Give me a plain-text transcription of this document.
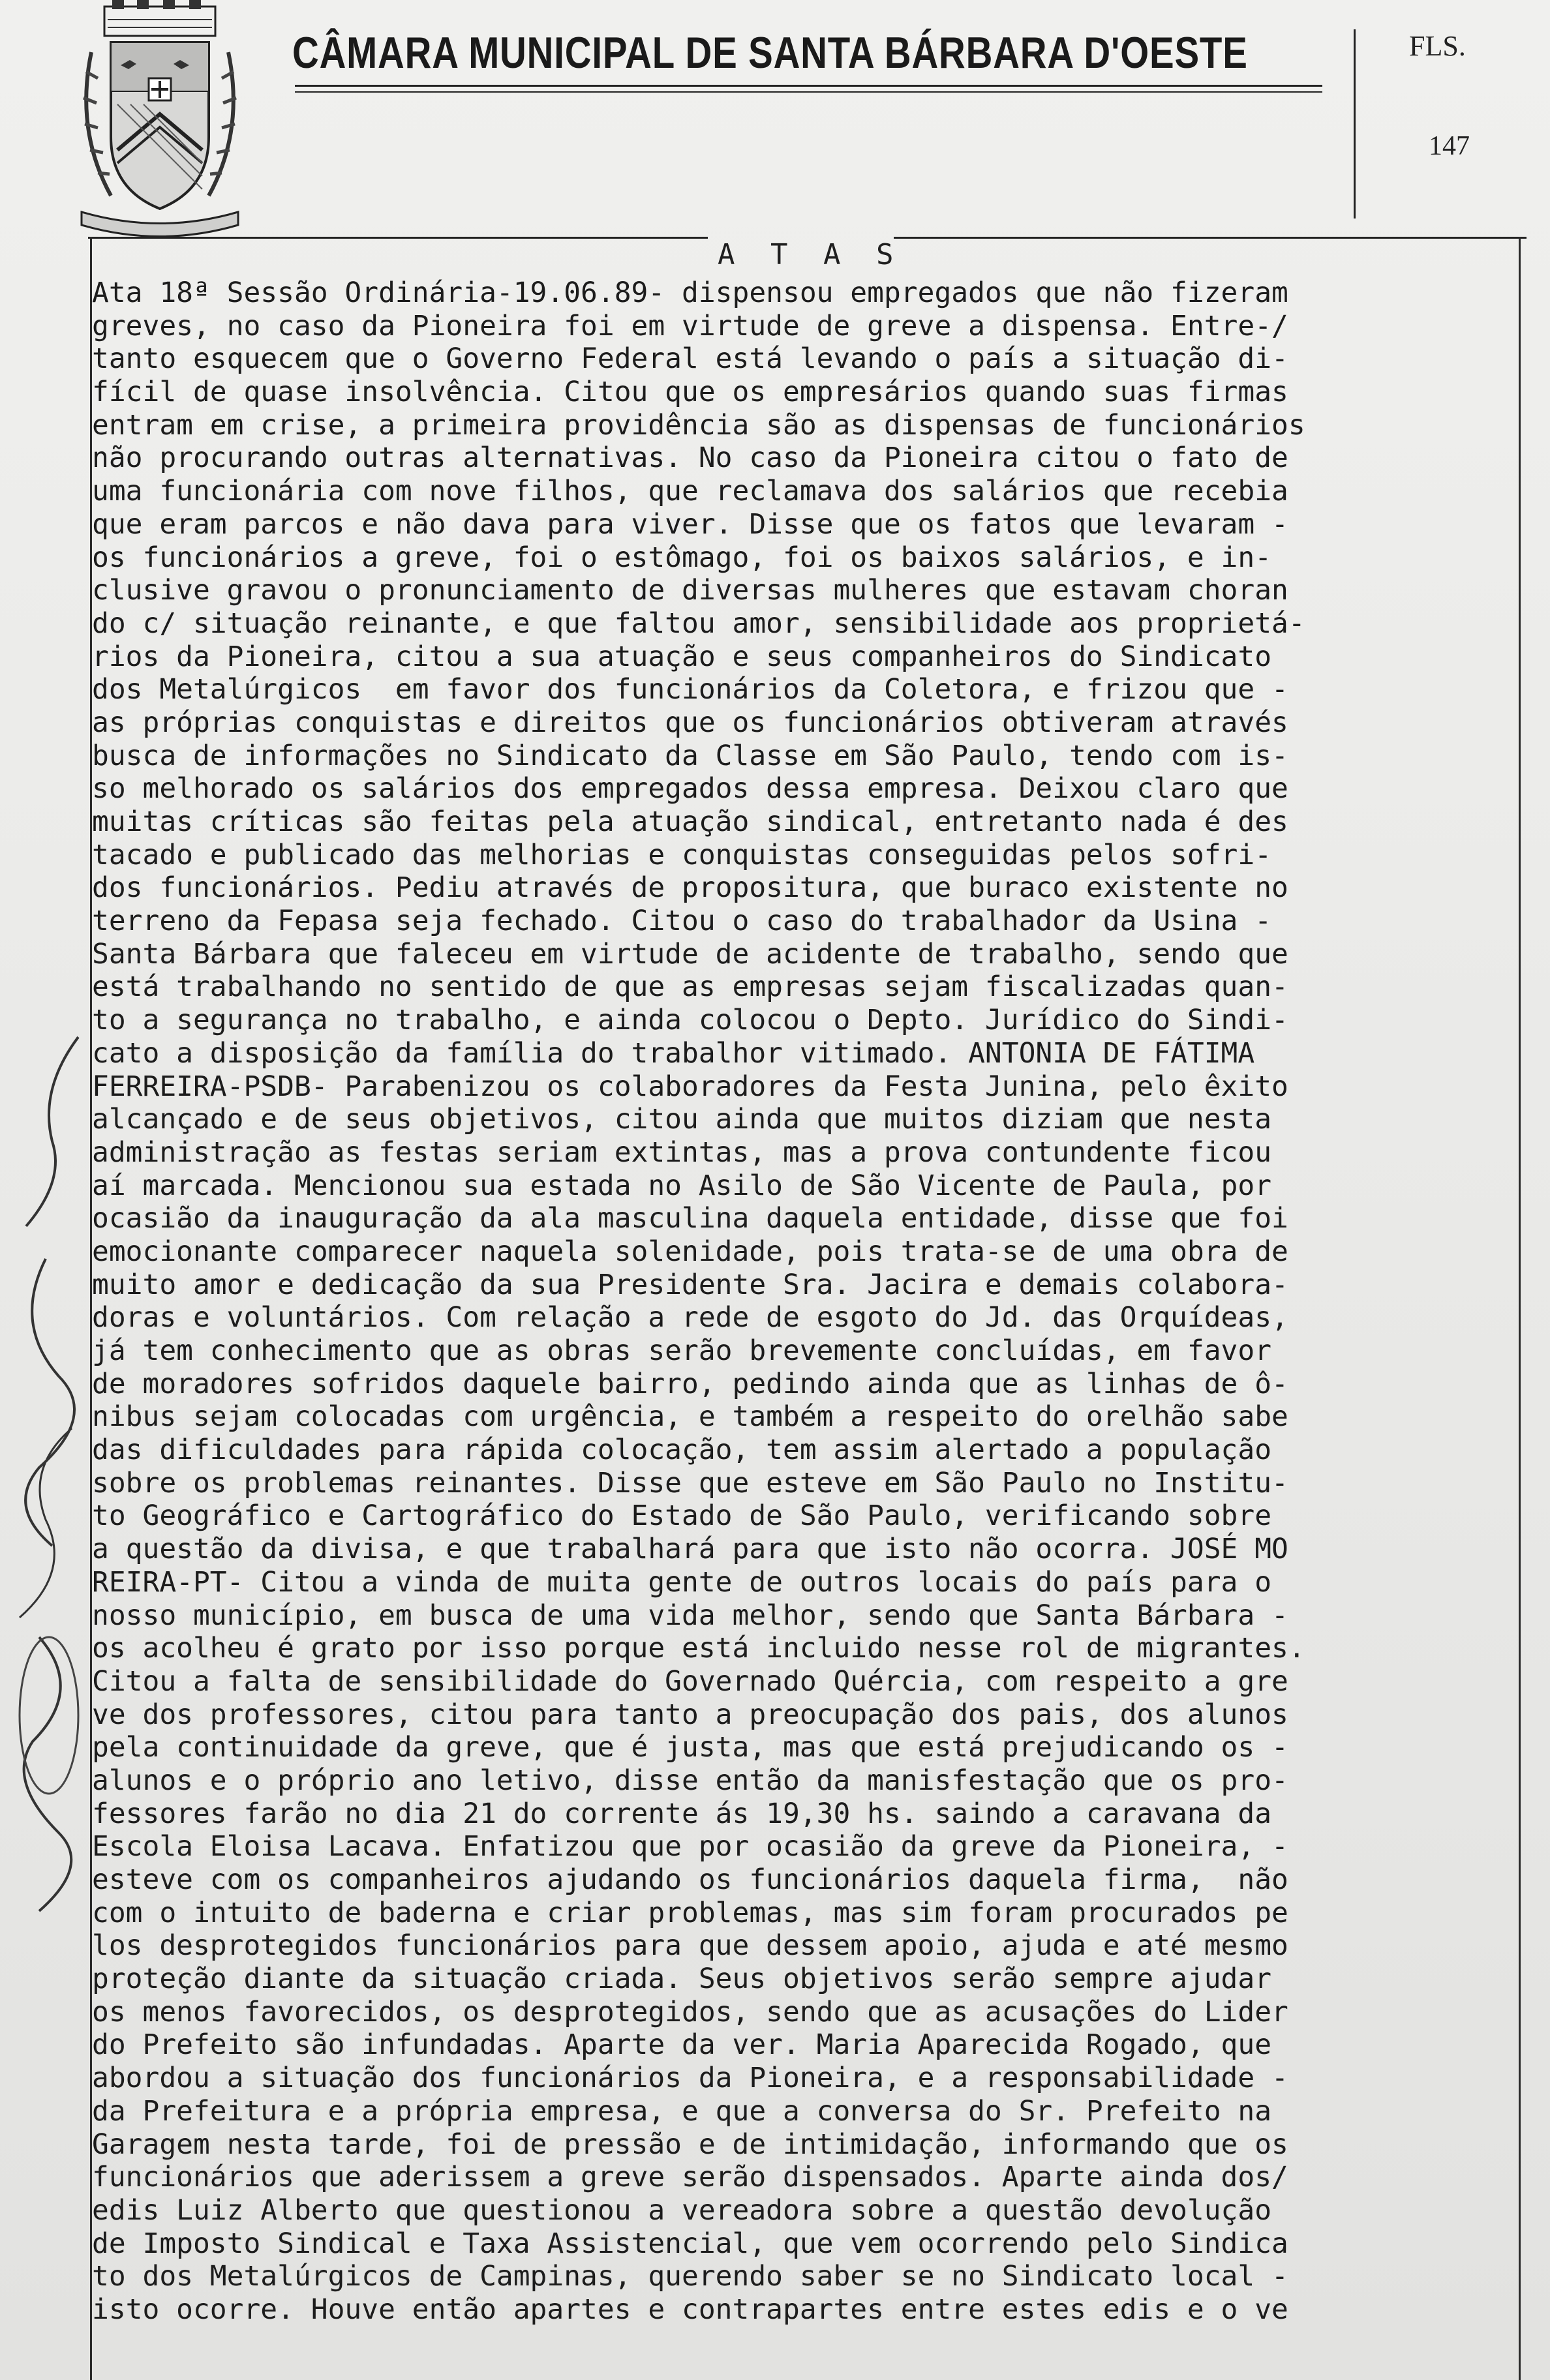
CÂMARA MUNICIPAL DE SANTA BÁRBARA D'OESTE	FLS.
147
A T A S
Ata 18ª Sessão Ordinária-19.06.89- dispensou empregados que não fizeram
greves, no caso da Pioneira foi em virtude de greve a dispensa. Entre-/
tanto esquecem que o Governo Federal está levando o país a situação di-
fícil de quase insolvência. Citou que os empresários quando suas firmas
entram em crise, a primeira providência são as dispensas de funcionários
não procurando outras alternativas. No caso da Pioneira citou o fato de
uma funcionária com nove filhos, que reclamava dos salários que recebia
que eram parcos e não dava para viver. Disse que os fatos que levaram -
os funcionários a greve, foi o estômago, foi os baixos salários, e in-
clusive gravou o pronunciamento de diversas mulheres que estavam choran
do c/ situação reinante, e que faltou amor, sensibilidade aos proprietá-
rios da Pioneira, citou a sua atuação e seus companheiros do Sindicato
dos Metalúrgicos  em favor dos funcionários da Coletora, e frizou que -
as próprias conquistas e direitos que os funcionários obtiveram através
busca de informações no Sindicato da Classe em São Paulo, tendo com is-
so melhorado os salários dos empregados dessa empresa. Deixou claro que
muitas críticas são feitas pela atuação sindical, entretanto nada é des
tacado e publicado das melhorias e conquistas conseguidas pelos sofri-
dos funcionários. Pediu através de propositura, que buraco existente no
terreno da Fepasa seja fechado. Citou o caso do trabalhador da Usina -
Santa Bárbara que faleceu em virtude de acidente de trabalho, sendo que
está trabalhando no sentido de que as empresas sejam fiscalizadas quan-
to a segurança no trabalho, e ainda colocou o Depto. Jurídico do Sindi-
cato a disposição da família do trabalhor vitimado. ANTONIA DE FÁTIMA
FERREIRA-PSDB- Parabenizou os colaboradores da Festa Junina, pelo êxito
alcançado e de seus objetivos, citou ainda que muitos diziam que nesta
administração as festas seriam extintas, mas a prova contundente ficou
aí marcada. Mencionou sua estada no Asilo de São Vicente de Paula, por
ocasião da inauguração da ala masculina daquela entidade, disse que foi
emocionante comparecer naquela solenidade, pois trata-se de uma obra de
muito amor e dedicação da sua Presidente Sra. Jacira e demais colabora-
doras e voluntários. Com relação a rede de esgoto do Jd. das Orquídeas,
já tem conhecimento que as obras serão brevemente concluídas, em favor
de moradores sofridos daquele bairro, pedindo ainda que as linhas de ô-
nibus sejam colocadas com urgência, e também a respeito do orelhão sabe
das dificuldades para rápida colocação, tem assim alertado a população
sobre os problemas reinantes. Disse que esteve em São Paulo no Institu-
to Geográfico e Cartográfico do Estado de São Paulo, verificando sobre
a questão da divisa, e que trabalhará para que isto não ocorra. JOSÉ MO
REIRA-PT- Citou a vinda de muita gente de outros locais do país para o
nosso município, em busca de uma vida melhor, sendo que Santa Bárbara -
os acolheu é grato por isso porque está incluido nesse rol de migrantes.
Citou a falta de sensibilidade do Governado Quércia, com respeito a gre
ve dos professores, citou para tanto a preocupação dos pais, dos alunos
pela continuidade da greve, que é justa, mas que está prejudicando os -
alunos e o próprio ano letivo, disse então da manisfestação que os pro-
fessores farão no dia 21 do corrente ás 19,30 hs. saindo a caravana da
Escola Eloisa Lacava. Enfatizou que por ocasião da greve da Pioneira, -
esteve com os companheiros ajudando os funcionários daquela firma,  não
com o intuito de baderna e criar problemas, mas sim foram procurados pe
los desprotegidos funcionários para que dessem apoio, ajuda e até mesmo
proteção diante da situação criada. Seus objetivos serão sempre ajudar
os menos favorecidos, os desprotegidos, sendo que as acusações do Lider
do Prefeito são infundadas. Aparte da ver. Maria Aparecida Rogado, que
abordou a situação dos funcionários da Pioneira, e a responsabilidade -
da Prefeitura e a própria empresa, e que a conversa do Sr. Prefeito na
Garagem nesta tarde, foi de pressão e de intimidação, informando que os
funcionários que aderissem a greve serão dispensados. Aparte ainda dos/
edis Luiz Alberto que questionou a vereadora sobre a questão devolução
de Imposto Sindical e Taxa Assistencial, que vem ocorrendo pelo Sindica
to dos Metalúrgicos de Campinas, querendo saber se no Sindicato local -
isto ocorre. Houve então apartes e contrapartes entre estes edis e o ve
